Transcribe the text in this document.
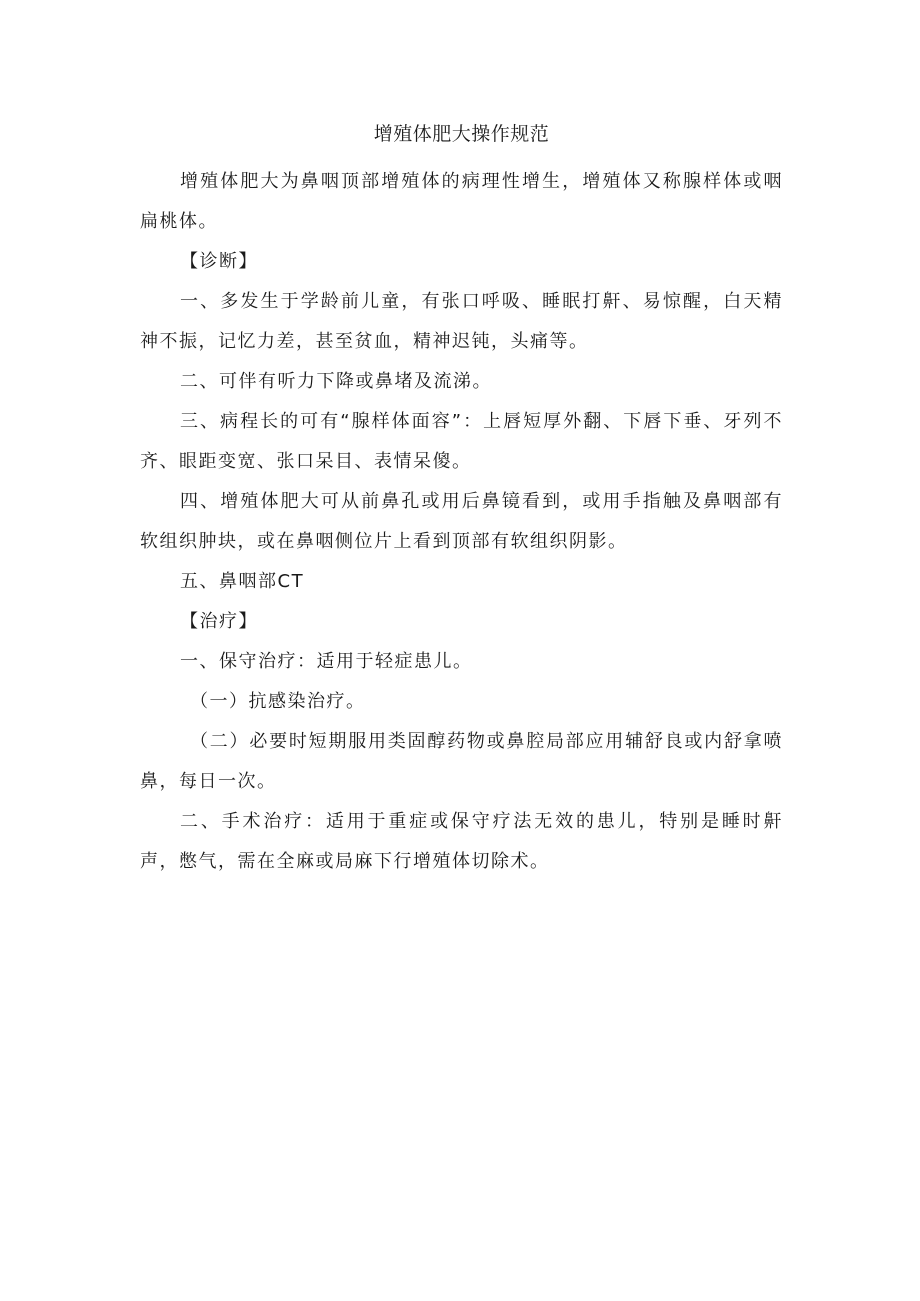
增殖体肥大操作规范

增殖体肥大为鼻咽顶部增殖体的病理性增生，增殖体又称腺样体或咽扁桃体。

【诊断】

一、多发生于学龄前儿童，有张口呼吸、睡眠打鼾、易惊醒，白天精神不振，记忆力差，甚至贫血，精神迟钝，头痛等。

二、可伴有听力下降或鼻堵及流涕。

三、病程长的可有“腺样体面容”：上唇短厚外翻、下唇下垂、牙列不齐、眼距变宽、张口呆目、表情呆傻。

四、增殖体肥大可从前鼻孔或用后鼻镜看到，或用手指触及鼻咽部有软组织肿块，或在鼻咽侧位片上看到顶部有软组织阴影。

五、鼻咽部CT

【治疗】

一、保守治疗：适用于轻症患儿。

（一）抗感染治疗。

（二）必要时短期服用类固醇药物或鼻腔局部应用辅舒良或内舒拿喷鼻，每日一次。

二、手术治疗：适用于重症或保守疗法无效的患儿，特别是睡时鼾声，憋气，需在全麻或局麻下行增殖体切除术。
